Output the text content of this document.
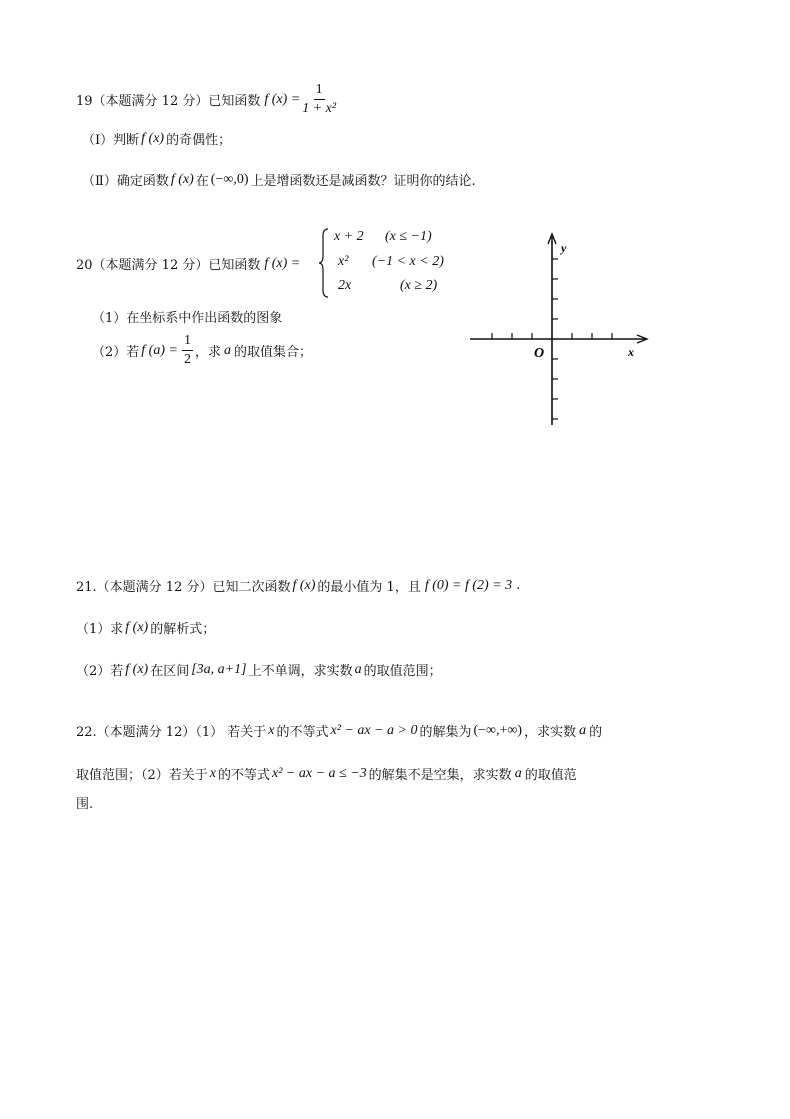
19（本题满分 12 分）已知函数 f $(x) = \frac{1}{\text{1 + x²}}$
（I）判断 f (x) 的奇偶性；
（Ⅱ）确定函数 f (x) 在 (−∞,0) 上是增函数还是减函数？证明你的结论.
20（本题满分 12 分）已知函数 f (x) =
x + 2 (x ≤ −1)
x² (−1 < x < 2)
2x	(x ≥ 2)
（1）在坐标系中作出函数的图象
（2）若 f $(a) = \frac{1}{2}$ ，求 a 的取值集合；
y
x
O
21.（本题满分 12 分）已知二次函数 f (x) 的最小值为 1，且 f (0) = f (2) = 3 .
（1）求 f (x) 的解析式；
（2）若 f (x) 在区间 [3a, a+1] 上不单调，求实数 a 的取值范围；
22.（本题满分 12）（1） 若关于 x 的不等式 x² − ax − a > 0 的解集为 (−∞,+∞) ，求实数 a 的
取值范围；（2）若关于 x 的不等式 x² − ax − a ≤ −3 的解集不是空集，求实数 a 的取值范
围.
